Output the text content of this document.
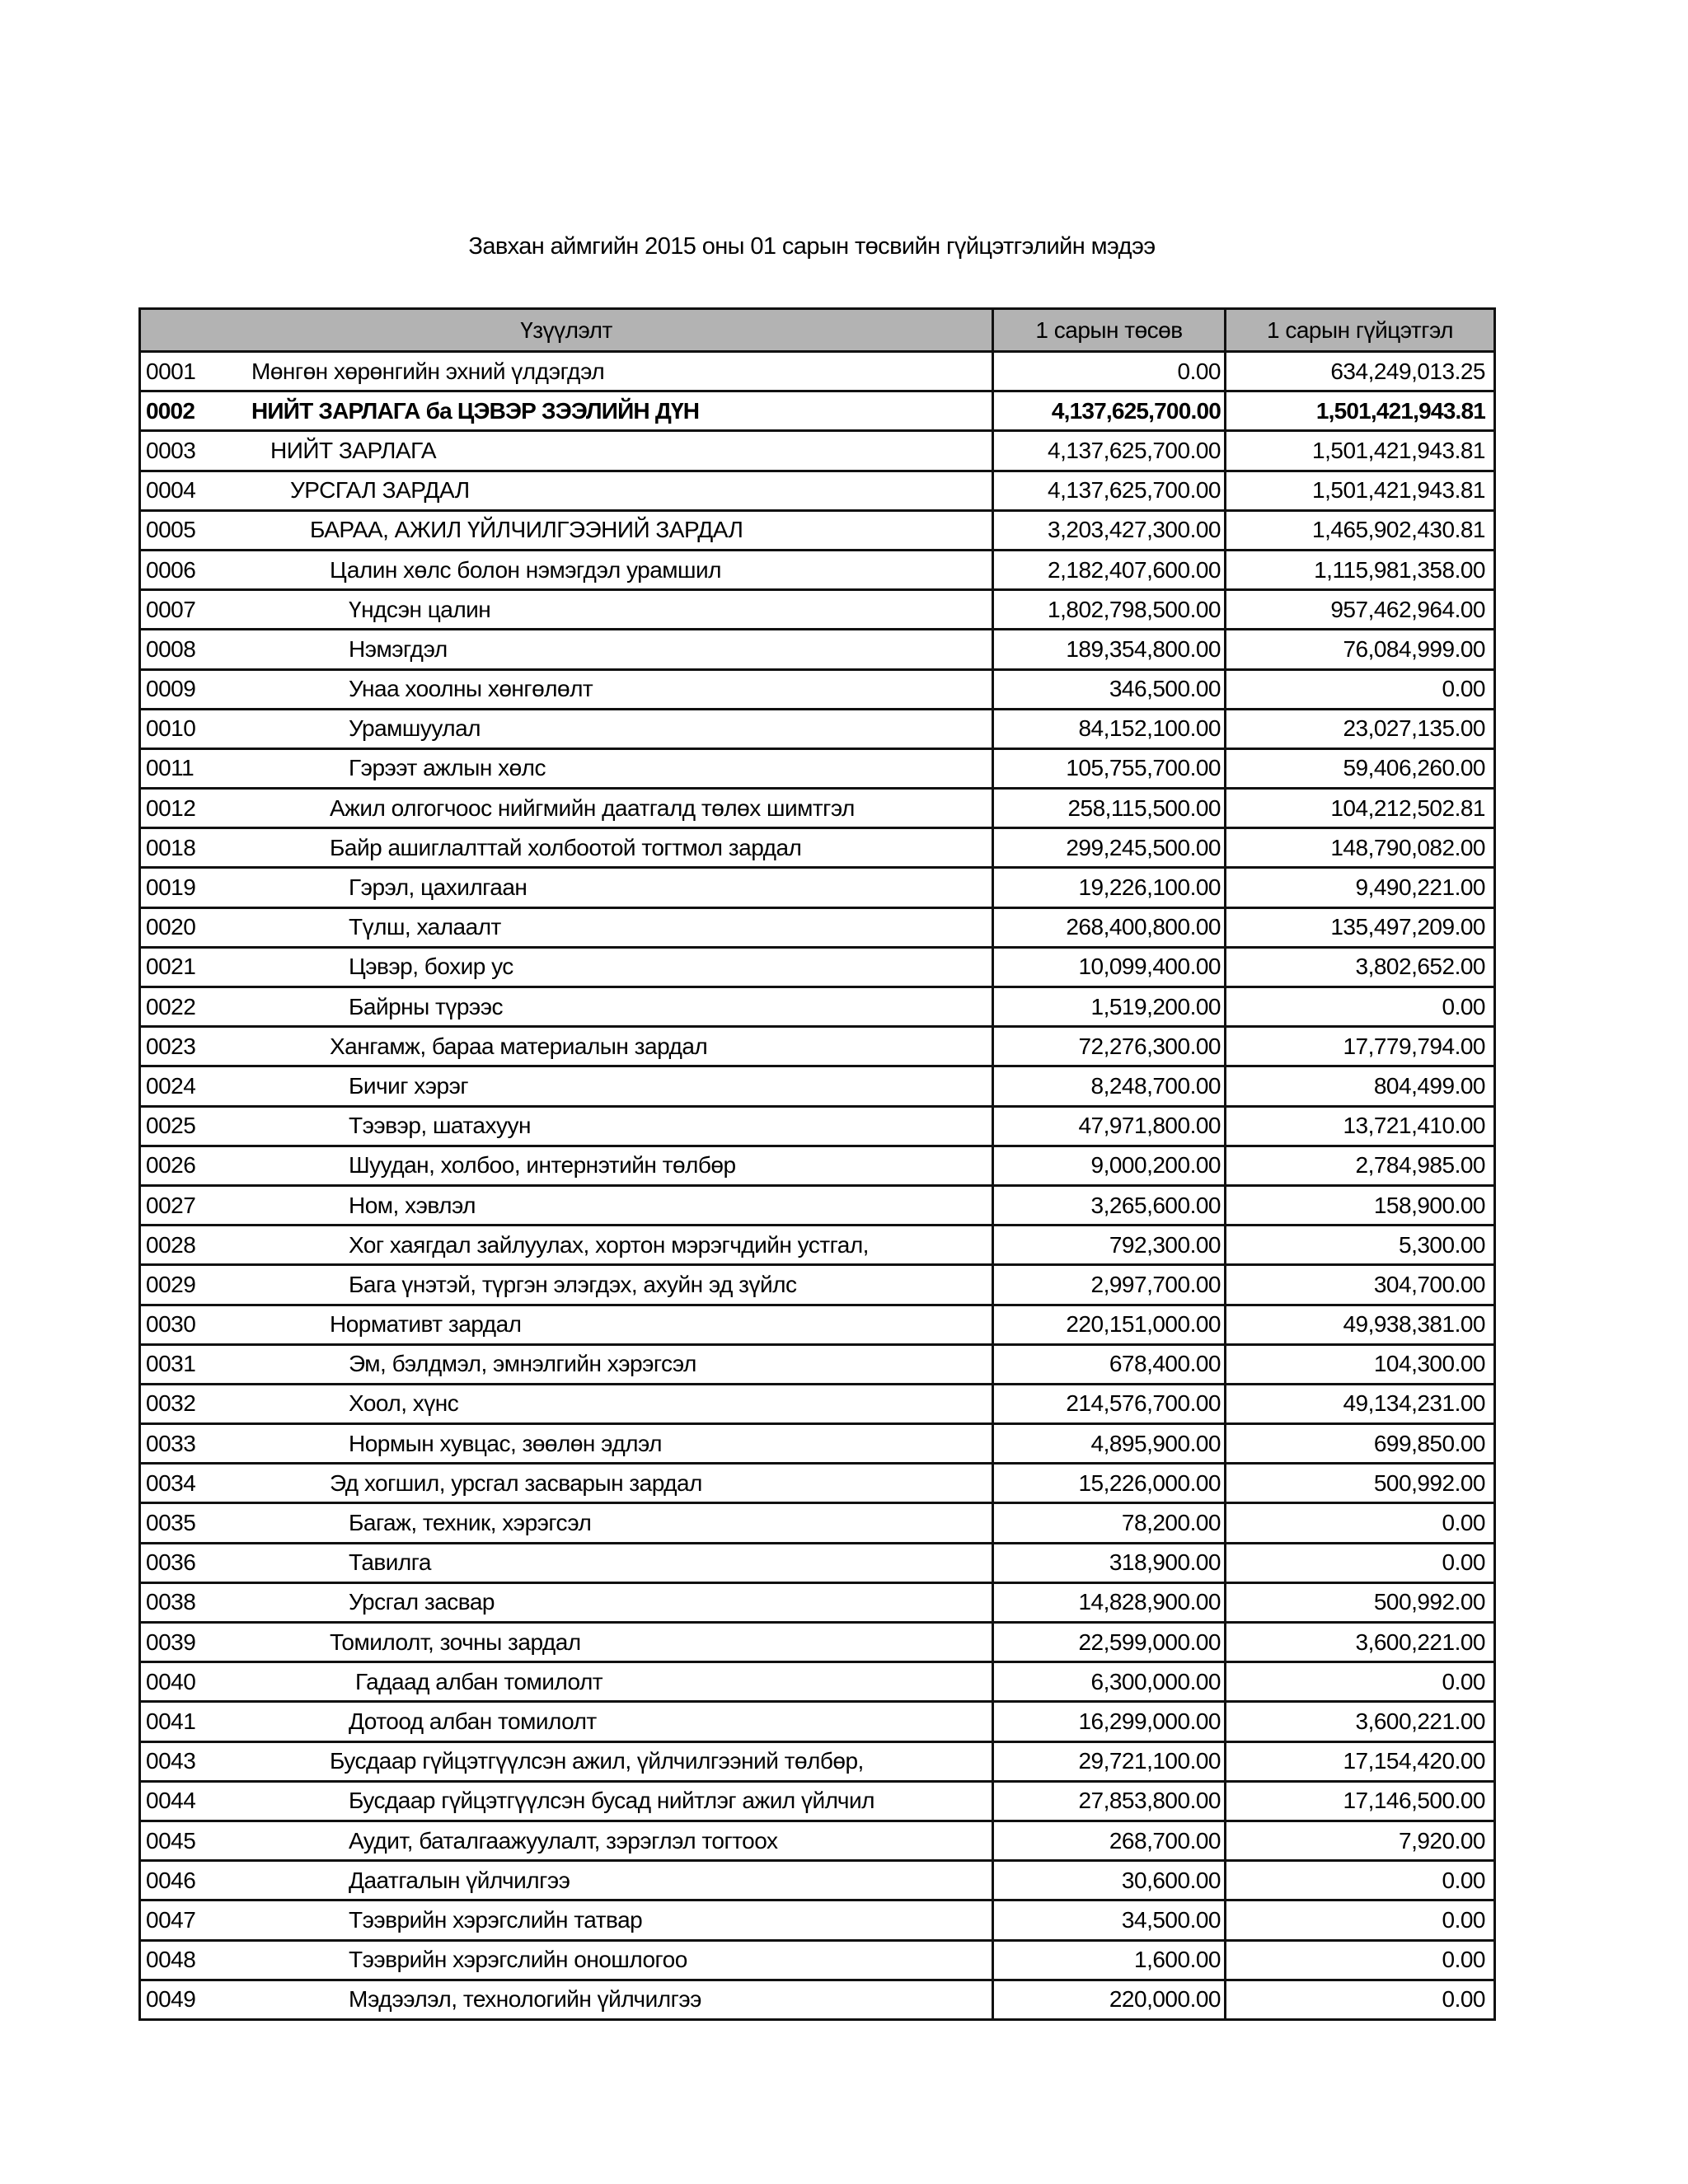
Завхан аймгийн 2015 оны 01 сарын төсвийн гүйцэтгэлийн мэдээ
Үзүүлэлт	1 сарын төсөв	1 сарын гүйцэтгэл
0001 Мөнгөн хөрөнгийн эхний үлдэгдэл	0.00	634,249,013.25
0002 НИЙТ ЗАРЛАГА ба ЦЭВЭР ЗЭЭЛИЙН ДҮН	4,137,625,700.00	1,501,421,943.81
0003	НИЙТ ЗАРЛАГА	4,137,625,700.00	1,501,421,943.81
0004	УРСГАЛ ЗАРДАЛ	4,137,625,700.00	1,501,421,943.81
0005	БАРАА, АЖИЛ ҮЙЛЧИЛГЭЭНИЙ ЗАРДАЛ	3,203,427,300.00	1,465,902,430.81
0006	Цалин хөлс болон нэмэгдэл урамшил	2,182,407,600.00	1,115,981,358.00
0007	Үндсэн цалин	1,802,798,500.00	957,462,964.00
0008	Нэмэгдэл	189,354,800.00	76,084,999.00
0009	Унаа хоолны хөнгөлөлт	346,500.00	0.00
0010	Урамшуулал	84,152,100.00	23,027,135.00
0011	Гэрээт ажлын хөлс	105,755,700.00	59,406,260.00
0012	Ажил олгогчоос нийгмийн даатгалд төлөх шимтгэл	258,115,500.00	104,212,502.81
0018	Байр ашиглалттай холбоотой тогтмол зардал	299,245,500.00	148,790,082.00
0019	Гэрэл, цахилгаан	19,226,100.00	9,490,221.00
0020	Түлш, халаалт	268,400,800.00	135,497,209.00
0021	Цэвэр, бохир ус	10,099,400.00	3,802,652.00
0022	Байрны түрээс	1,519,200.00	0.00
0023	Хангамж, бараа материалын зардал	72,276,300.00	17,779,794.00
0024	Бичиг хэрэг	8,248,700.00	804,499.00
0025	Тээвэр, шатахуун	47,971,800.00	13,721,410.00
0026	Шуудан, холбоо, интернэтийн төлбөр	9,000,200.00	2,784,985.00
0027	Ном, хэвлэл	3,265,600.00	158,900.00
0028	Хог хаягдал зайлуулах, хортон мэрэгчдийн устгал,	792,300.00	5,300.00
0029	Бага үнэтэй, түргэн элэгдэх, ахуйн эд зүйлс	2,997,700.00	304,700.00
0030	Нормативт зардал	220,151,000.00	49,938,381.00
0031	Эм, бэлдмэл, эмнэлгийн хэрэгсэл	678,400.00	104,300.00
0032	Хоол, хүнс	214,576,700.00	49,134,231.00
0033	Нормын хувцас, зөөлөн эдлэл	4,895,900.00	699,850.00
0034	Эд хогшил, урсгал засварын зардал	15,226,000.00	500,992.00
0035	Багаж, техник, хэрэгсэл	78,200.00	0.00
0036	Тавилга	318,900.00	0.00
0038	Урсгал засвар	14,828,900.00	500,992.00
0039	Томилолт, зочны зардал	22,599,000.00	3,600,221.00
0040	Гадаад албан томилолт	6,300,000.00	0.00
0041	Дотоод албан томилолт	16,299,000.00	3,600,221.00
0043	Бусдаар гүйцэтгүүлсэн ажил, үйлчилгээний төлбөр,	29,721,100.00	17,154,420.00
0044	Бусдаар гүйцэтгүүлсэн бусад нийтлэг ажил үйлчил	27,853,800.00	17,146,500.00
0045	Аудит, баталгаажуулалт, зэрэглэл тогтоох	268,700.00	7,920.00
0046	Даатгалын үйлчилгээ	30,600.00	0.00
0047	Тээврийн хэрэгслийн татвар	34,500.00	0.00
0048	Тээврийн хэрэгслийн оношлогоо	1,600.00	0.00
0049	Мэдээлэл, технологийн үйлчилгээ	220,000.00	0.00
